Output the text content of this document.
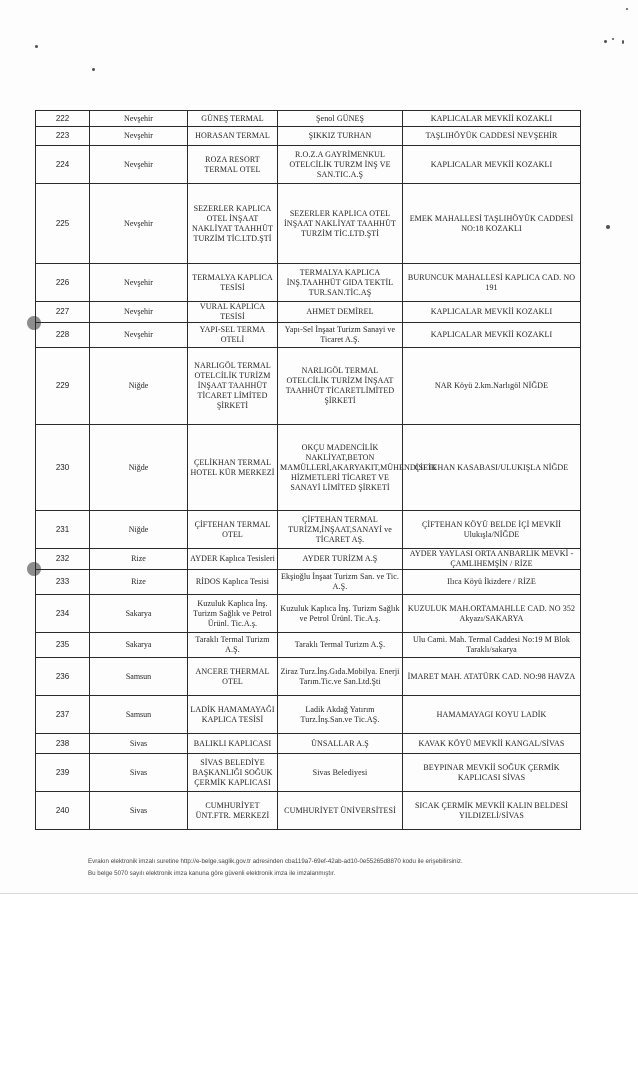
222	Nevşehir	GÜNEŞ TERMAL	Şenol GÜNEŞ	KAPLICALAR MEVKİİ KOZAKLI
223	Nevşehir	HORASAN TERMAL	ŞIKKIZ TURHAN	TAŞLIHÖYÜK CADDESİ NEVŞEHİR
224	Nevşehir	ROZA RESORT TERMAL OTEL	R.O.Z.A GAYRİMENKUL OTELCİLİK TURZM İNŞ VE SAN.TIC.A.Ş	KAPLICALAR MEVKİİ KOZAKLI
225	Nevşehir	SEZERLER KAPLICA OTEL İNŞAAT NAKLİYAT TAAHHÜT TURZİM TİC.LTD.ŞTİ	SEZERLER KAPLICA OTEL İNŞAAT NAKLİYAT TAAHHÜT TURZİM TİC.LTD.ŞTİ	EMEK MAHALLESİ TAŞLIHÖYÜK CADDESİ NO:18 KOZAKLI
226	Nevşehir	TERMALYA KAPLICA TESİSİ	TERMALYA KAPLICA İNŞ.TAAHHÜT GIDA TEKTİL TUR.SAN.TİC.AŞ	BURUNCUK MAHALLESİ KAPLICA CAD. NO 191
227	Nevşehir	VURAL KAPLICA TESİSİ	AHMET DEMİREL	KAPLICALAR MEVKİİ KOZAKLI
228	Nevşehir	YAPI-SEL TERMA OTELİ	Yapı-Sel İnşaat Turizm Sanayi ve Ticaret A.Ş.	KAPLICALAR MEVKİİ KOZAKLI
229	Niğde	NARLIGÖL TERMAL OTELCİLİK TURİZM İNŞAAT TAAHHÜT TİCARET LİMİTED ŞİRKETİ	NARLIGÖL TERMAL OTELCİLİK TURİZM İNŞAAT TAAHHÜT TİCARETLİMİTED ŞİRKETİ	NAR Köyü 2.km.Narlıgöl NİĞDE
230	Niğde	ÇELİKHAN TERMAL HOTEL KÜR MERKEZİ	OKÇU MADENCİLİK NAKLİYAT,BETON MAMÜLLERİ,AKARYAKIT,MÜHENDİSLİK HİZMETLERİ TİCARET VE SANAYİ LİMİTED ŞİRKETİ	ÇİFTEHAN KASABASI/ULUKIŞLA NİĞDE
231	Niğde	ÇİFTEHAN TERMAL OTEL	ÇİFTEHAN TERMAL TURİZM,İNŞAAT,SANAYİ ve TİCARET AŞ.	ÇİFTEHAN KÖYÜ BELDE İÇİ MEVKİİ Ulukışla/NİĞDE
232	Rize	AYDER Kaplıca Tesisleri	AYDER TURİZM A.Ş	AYDER YAYLASI ORTA ANBARLIK MEVKİ - ÇAMLIHEMŞİN / RİZE
233	Rize	RİDOS Kaplıca Tesisi	Ekşioğlu İnşaat Turizm San. ve Tic. A.Ş.	Ilıca Köyü İkizdere / RİZE
234	Sakarya	Kuzuluk Kaplıca İnş. Turizm Sağlık ve Petrol Ürünl. Tic.A.ş.	Kuzuluk Kaplıca İnş. Turizm Sağlık ve Petrol Ürünl. Tic.A.ş.	KUZULUK MAH.ORTAMAHLLE CAD. NO 352 Akyazı/SAKARYA
235	Sakarya	Taraklı Termal Turizm A.Ş.	Taraklı Termal Turizm A.Ş.	Ulu Cami. Mah. Termal Caddesi No:19 M Blok Taraklı/sakarya
236	Samsun	ANCERE THERMAL OTEL	Ziraz Turz.İnş.Gıda.Mobilya. Enerji Tarım.Tic.ve San.Ltd.Şti	İMARET MAH. ATATÜRK CAD. NO:98 HAVZA
237	Samsun	LADİK HAMAMAYAĞI KAPLICA TESİSİ	Ladik Akdağ Yatırım Turz.İnş.San.ve Tic.AŞ.	HAMAMAYAGI KOYU LADİK
238	Sivas	BALIKLI KAPLICASI	ÜNSALLAR A.Ş	KAVAK KÖYÜ MEVKİİ KANGAL/SİVAS
239	Sivas	SİVAS BELEDİYE BAŞKANLIĞI SOĞUK ÇERMİK KAPLICASI	Sivas Belediyesi	BEYPINAR MEVKİİ SOĞUK ÇERMİK KAPLICASI SİVAS
240	Sivas	CUMHURİYET ÜNT.FTR. MERKEZİ	CUMHURİYET ÜNİVERSİTESİ	SICAK ÇERMİK MEVKİİ KALIN BELDESİ YILDIZELİ/SİVAS
Evrakın elektronik imzalı suretine http://e-belge.saglik.gov.tr adresinden cba119a7-69ef-42ab-ad10-0e55265d8870 kodu ile erişebilirsiniz.
Bu belge 5070 sayılı elektronik imza kanuna göre güvenli elektronik imza ile imzalanmıştır.
